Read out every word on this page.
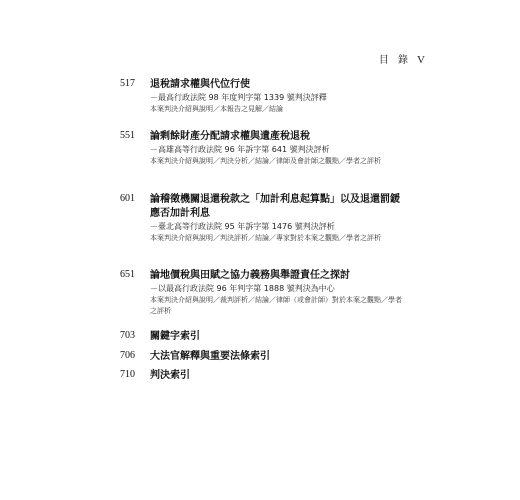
目 錄 V
517 退稅請求權與代位行使
－最高行政法院 98 年度判字第 1339 號判決評釋
本案判決介紹與說明／本報告之見解／結論
551 論剩餘財產分配請求權與遺產稅退稅
－高雄高等行政法院 96 年訴字第 641 號判決評析
本案判決介紹與說明／判決分析／結論／律師及會計師之觀點／學者之評析
601 論稽徵機關退還稅款之「加計利息起算點」以及退還罰鍰應否加計利息
－臺北高等行政法院 95 年訴字第 1476 號判決評析
本案判決介紹與說明／判決評析／結論／專家對於本案之觀點／學者之評析
651 論地價稅與田賦之協力義務與舉證責任之探討
－以最高行政法院 96 年判字第 1888 號判決為中心
本案判決介紹與說明／裁判評析／結論／律師（或會計師）對於本案之觀點／學者之評析
703 關鍵字索引
706 大法官解釋與重要法條索引
710 判決索引
